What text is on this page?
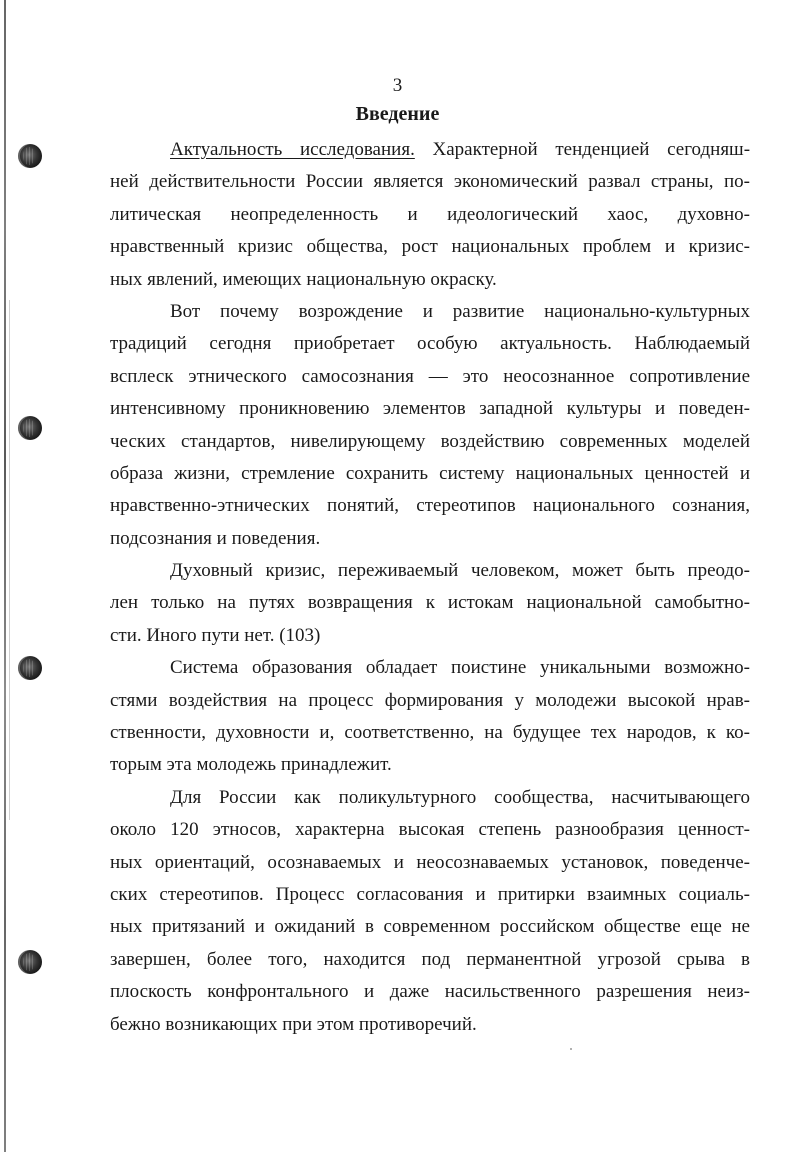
3
Введение
Актуальность исследования. Характерной тенденцией сегодняш-
ней действительности России является экономический развал страны, по-
литическая неопределенность и идеологический хаос, духовно-
нравственный кризис общества, рост национальных проблем и кризис-
ных явлений, имеющих национальную окраску.
Вот почему возрождение и развитие национально-культурных
традиций сегодня приобретает особую актуальность. Наблюдаемый
всплеск этнического самосознания — это неосознанное сопротивление
интенсивному проникновению элементов западной культуры и поведен-
ческих стандартов, нивелирующему воздействию современных моделей
образа жизни, стремление сохранить систему национальных ценностей и
нравственно-этнических понятий, стереотипов национального сознания,
подсознания и поведения.
Духовный кризис, переживаемый человеком, может быть преодо-
лен только на путях возвращения к истокам национальной самобытно-
сти. Иного пути нет. (103)
Система образования обладает поистине уникальными возможно-
стями воздействия на процесс формирования у молодежи высокой нрав-
ственности, духовности и, соответственно, на будущее тех народов, к ко-
торым эта молодежь принадлежит.
Для России как поликультурного сообщества, насчитывающего
около 120 этносов, характерна высокая степень разнообразия ценност-
ных ориентаций, осознаваемых и неосознаваемых установок, поведенче-
ских стереотипов. Процесс согласования и притирки взаимных социаль-
ных притязаний и ожиданий в современном российском обществе еще не
завершен, более того, находится под перманентной угрозой срыва в
плоскость конфронтального и даже насильственного разрешения неиз-
бежно возникающих при этом противоречий.
